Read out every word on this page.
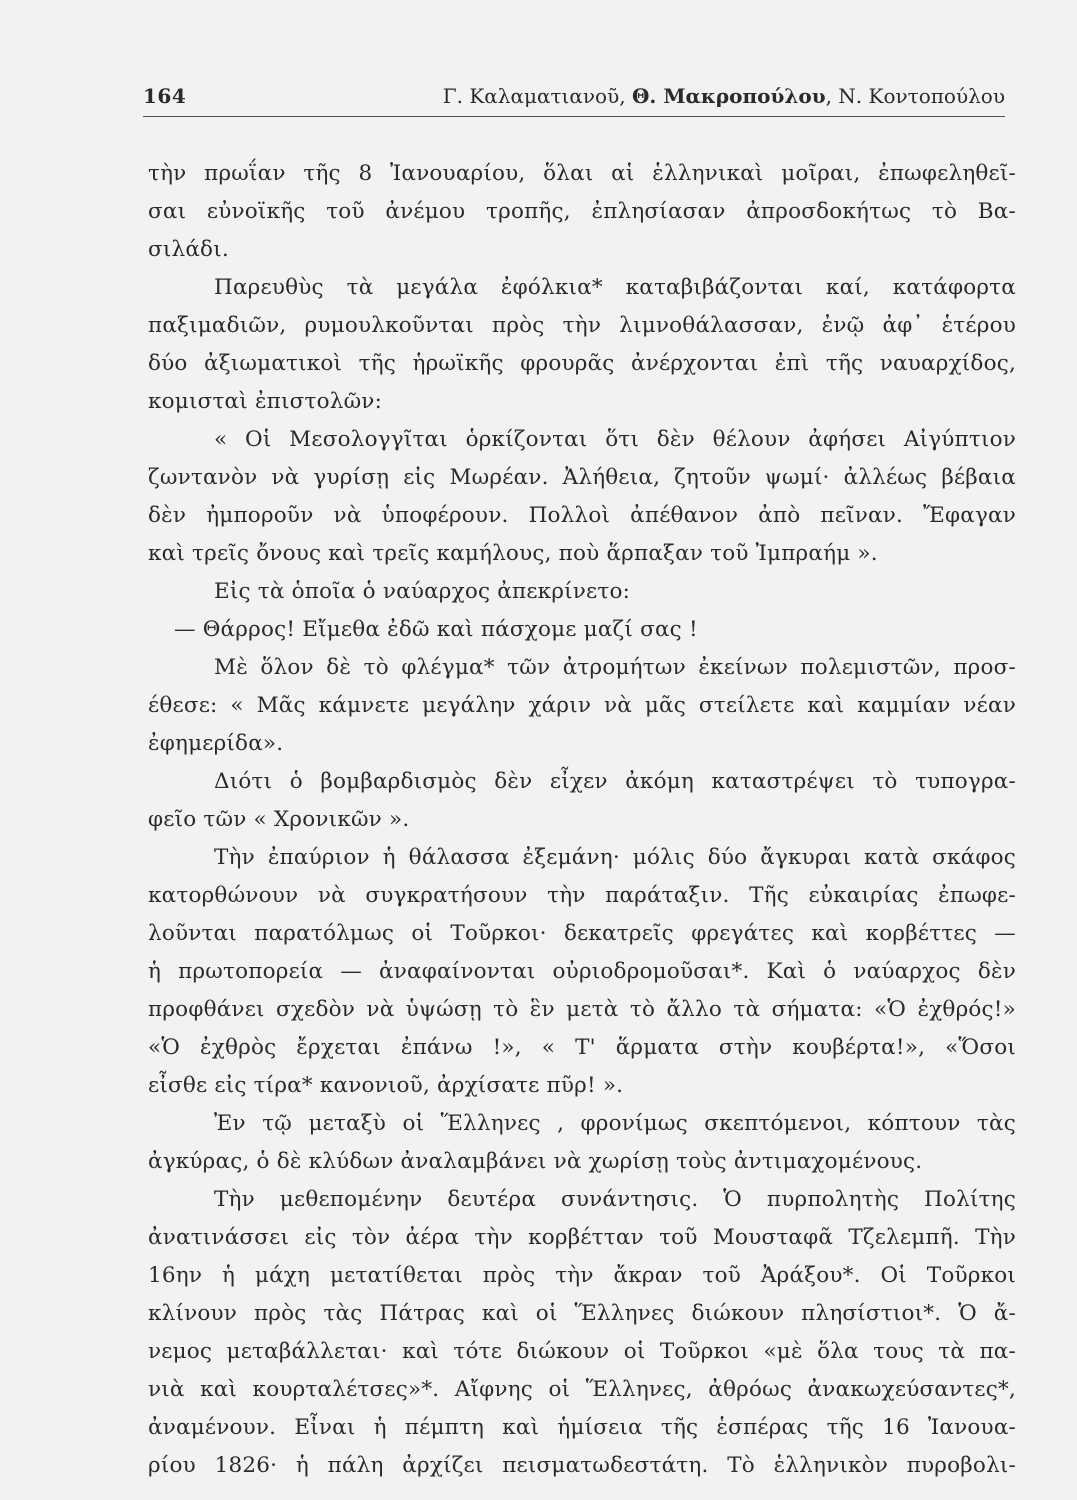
164	Γ. Καλαματιανοῦ, Θ. Μακροπούλου, Ν. Κοντοπούλου
τὴν πρωΐαν τῆς 8 Ἰανουαρίου, ὅλαι αἱ ἑλληνικαὶ μοῖραι, ἐπωφεληθεῖ-
σαι εὐνοϊκῆς τοῦ ἀνέμου τροπῆς, ἐπλησίασαν ἀπροσδοκήτως τὸ Βα-
σιλάδι.
Παρευθὺς τὰ μεγάλα ἐφόλκια* καταβιβάζονται καί, κατάφορτα
παξιμαδιῶν, ρυμουλκοῦνται πρὸς τὴν λιμνοθάλασσαν, ἐνῷ ἀφ᾽ ἑτέρου
δύο ἀξιωματικοὶ τῆς ἡρωϊκῆς φρουρᾶς ἀνέρχονται ἐπὶ τῆς ναυαρχίδος,
κομισταὶ ἐπιστολῶν:
« Οἱ Μεσολογγῖται ὁρκίζονται ὅτι δὲν θέλουν ἀφήσει Αἰγύπτιον
ζωντανὸν νὰ γυρίσῃ εἰς Μωρέαν. Ἀλήθεια, ζητοῦν ψωμί· ἀλλέως βέβαια
δὲν ἠμποροῦν νὰ ὑποφέρουν. Πολλοὶ ἀπέθανον ἀπὸ πεῖναν. Ἔφαγαν
καὶ τρεῖς ὄνους καὶ τρεῖς καμήλους, ποὺ ἅρπαξαν τοῦ Ἰμπραήμ ».
Εἰς τὰ ὁποῖα ὁ ναύαρχος ἀπεκρίνετο:
— Θάρρος! Εἴμεθα ἐδῶ καὶ πάσχομε μαζί σας !
Μὲ ὅλον δὲ τὸ φλέγμα* τῶν ἀτρομήτων ἐκείνων πολεμιστῶν, προσ-
έθεσε: « Μᾶς κάμνετε μεγάλην χάριν νὰ μᾶς στείλετε καὶ καμμίαν νέαν
ἐφημερίδα».
Διότι ὁ βομβαρδισμὸς δὲν εἶχεν ἀκόμη καταστρέψει τὸ τυπογρα-
φεῖο τῶν « Χρονικῶν ».
Τὴν ἐπαύριον ἡ θάλασσα ἐξεμάνη· μόλις δύο ἄγκυραι κατὰ σκάφος
κατορθώνουν νὰ συγκρατήσουν τὴν παράταξιν. Τῆς εὐκαιρίας ἐπωφε-
λοῦνται παρατόλμως οἱ Τοῦρκοι· δεκατρεῖς φρεγάτες καὶ κορβέττες —
ἡ πρωτοπορεία — ἀναφαίνονται οὐριοδρομοῦσαι*. Καὶ ὁ ναύαρχος δὲν
προφθάνει σχεδὸν νὰ ὑψώσῃ τὸ ἓν μετὰ τὸ ἄλλο τὰ σήματα: «Ὁ ἐχθρός!»
«Ὁ ἐχθρὸς ἔρχεται ἐπάνω !», « Τ' ἅρματα στὴν κουβέρτα!», «Ὅσοι
εἶσθε εἰς τίρα* κανονιοῦ, ἀρχίσατε πῦρ! ».
Ἐν τῷ μεταξὺ οἱ Ἕλληνες , φρονίμως σκεπτόμενοι, κόπτουν τὰς
ἀγκύρας, ὁ δὲ κλύδων ἀναλαμβάνει νὰ χωρίσῃ τοὺς ἀντιμαχομένους.
Τὴν μεθεπομένην δευτέρα συνάντησις. Ὁ πυρπολητὴς Πολίτης
ἀνατινάσσει εἰς τὸν ἀέρα τὴν κορβέτταν τοῦ Μουσταφᾶ Τζελεμπῆ. Τὴν
16ην ἡ μάχη μετατίθεται πρὸς τὴν ἄκραν τοῦ Ἀράξου*. Οἱ Τοῦρκοι
κλίνουν πρὸς τὰς Πάτρας καὶ οἱ Ἕλληνες διώκουν πλησίστιοι*. Ὁ ἄ-
νεμος μεταβάλλεται· καὶ τότε διώκουν οἱ Τοῦρκοι «μὲ ὅλα τους τὰ πα-
νιὰ καὶ κουρταλέτσες»*. Αἴφνης οἱ Ἕλληνες, ἀθρόως ἀνακωχεύσαντες*,
ἀναμένουν. Εἶναι ἡ πέμπτη καὶ ἡμίσεια τῆς ἑσπέρας τῆς 16 Ἰανουα-
ρίου 1826· ἡ πάλη ἀρχίζει πεισματωδεστάτη. Τὸ ἑλληνικὸν πυροβολι-
